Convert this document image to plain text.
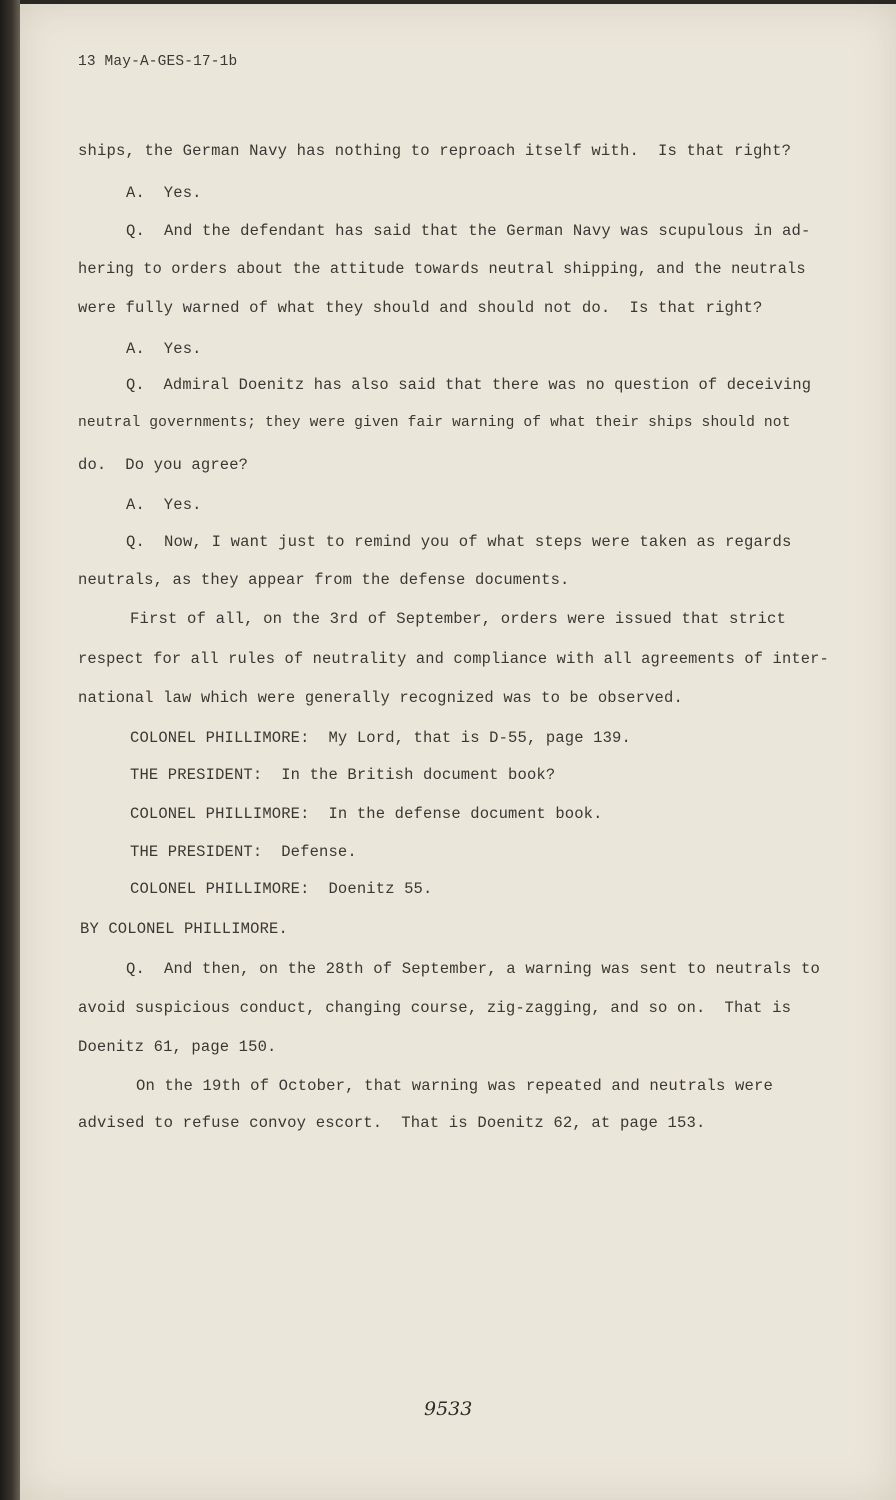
13 May-A-GES-17-1b
ships, the German Navy has nothing to reproach itself with.  Is that right?
A.  Yes.
Q.  And the defendant has said that the German Navy was scupulous in ad-
hering to orders about the attitude towards neutral shipping, and the neutrals
were fully warned of what they should and should not do.  Is that right?
A.  Yes.
Q.  Admiral Doenitz has also said that there was no question of deceiving
neutral governments; they were given fair warning of what their ships should not
do.  Do you agree?
A.  Yes.
Q.  Now, I want just to remind you of what steps were taken as regards
neutrals, as they appear from the defense documents.
First of all, on the 3rd of September, orders were issued that strict
respect for all rules of neutrality and compliance with all agreements of inter-
national law which were generally recognized was to be observed.
COLONEL PHILLIMORE:  My Lord, that is D-55, page 139.
THE PRESIDENT:  In the British document book?
COLONEL PHILLIMORE:  In the defense document book.
THE PRESIDENT:  Defense.
COLONEL PHILLIMORE:  Doenitz 55.
BY COLONEL PHILLIMORE.
Q.  And then, on the 28th of September, a warning was sent to neutrals to
avoid suspicious conduct, changing course, zig-zagging, and so on.  That is
Doenitz 61, page 150.
On the 19th of October, that warning was repeated and neutrals were
advised to refuse convoy escort.  That is Doenitz 62, at page 153.
9533
